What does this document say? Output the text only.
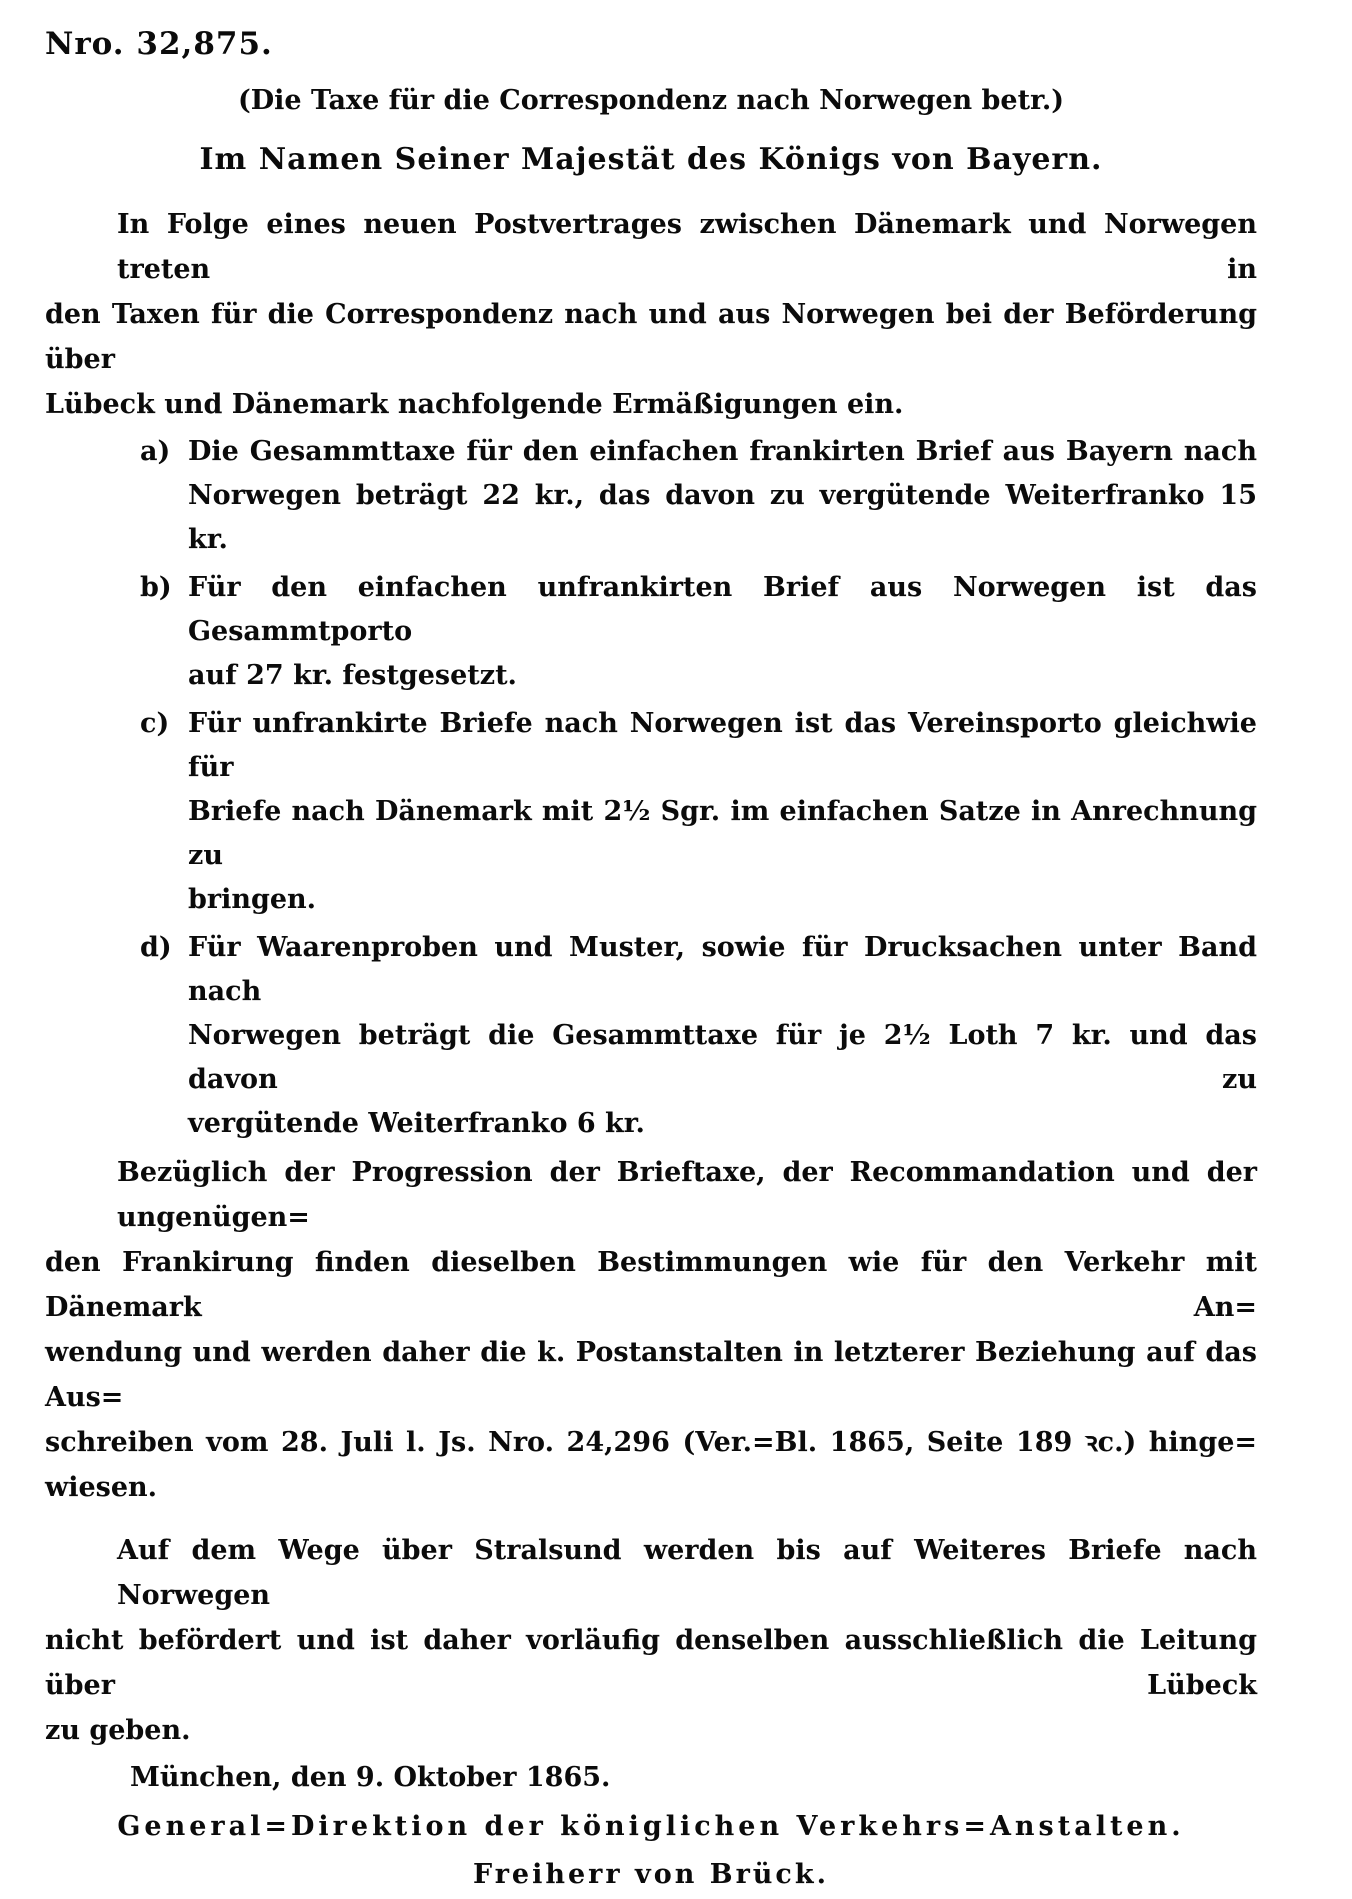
Nro. 32,875.
(Die Taxe für die Correspondenz nach Norwegen betr.)
Im Namen Seiner Majestät des Königs von Bayern.
In Folge eines neuen Postvertrages zwischen Dänemark und Norwegen treten in
den Taxen für die Correspondenz nach und aus Norwegen bei der Beförderung über
Lübeck und Dänemark nachfolgende Ermäßigungen ein.
a) Die Gesammttaxe für den einfachen frankirten Brief aus Bayern nach
Norwegen beträgt 22 kr., das davon zu vergütende Weiterfranko 15 kr.
b) Für den einfachen unfrankirten Brief aus Norwegen ist das Gesammtporto
auf 27 kr. festgesetzt.
c) Für unfrankirte Briefe nach Norwegen ist das Vereinsporto gleichwie für
Briefe nach Dänemark mit 2½ Sgr. im einfachen Satze in Anrechnung zu
bringen.
d) Für Waarenproben und Muster, sowie für Drucksachen unter Band nach
Norwegen beträgt die Gesammttaxe für je 2½ Loth 7 kr. und das davon zu
vergütende Weiterfranko 6 kr.
Bezüglich der Progression der Brieftaxe, der Recommandation und der ungenügen=
den Frankirung finden dieselben Bestimmungen wie für den Verkehr mit Dänemark An=
wendung und werden daher die k. Postanstalten in letzterer Beziehung auf das Aus=
schreiben vom 28. Juli l. Js. Nro. 24,296 (Ver.=Bl. 1865, Seite 189 ꝛc.) hinge=
wiesen.
Auf dem Wege über Stralsund werden bis auf Weiteres Briefe nach Norwegen
nicht befördert und ist daher vorläufig denselben ausschließlich die Leitung über Lübeck
zu geben.
München, den 9. Oktober 1865.
General=Direktion der königlichen Verkehrs=Anstalten.
Freiherr von Brück.
